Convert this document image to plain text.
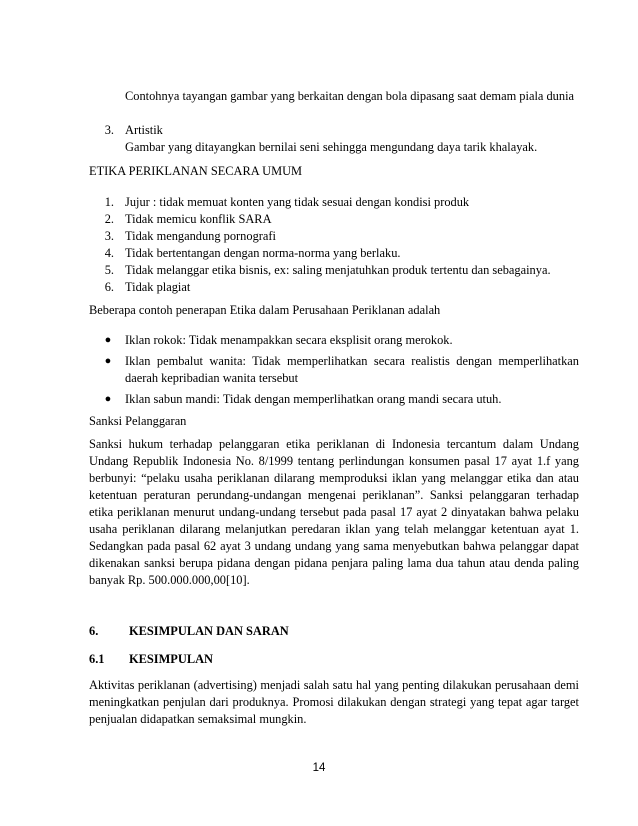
Contohnya tayangan gambar yang berkaitan dengan bola dipasang saat demam piala dunia
3. Artistik
Gambar yang ditayangkan bernilai seni sehingga mengundang daya tarik khalayak.
ETIKA PERIKLANAN SECARA UMUM
1. Jujur : tidak memuat konten yang tidak sesuai dengan kondisi produk
2. Tidak memicu konflik SARA
3. Tidak mengandung pornografi
4. Tidak bertentangan dengan norma-norma yang berlaku.
5. Tidak melanggar etika bisnis, ex: saling menjatuhkan produk tertentu dan sebagainya.
6. Tidak plagiat
Beberapa contoh penerapan Etika dalam Perusahaan Periklanan adalah
● Iklan rokok: Tidak menampakkan secara eksplisit orang merokok.
● Iklan pembalut wanita: Tidak memperlihatkan secara realistis dengan memperlihatkan daerah kepribadian wanita tersebut
● Iklan sabun mandi: Tidak dengan memperlihatkan orang mandi secara utuh.
Sanksi Pelanggaran
Sanksi hukum terhadap pelanggaran etika periklanan di Indonesia tercantum dalam Undang Undang Republik Indonesia No. 8/1999 tentang perlindungan konsumen pasal 17 ayat 1.f yang berbunyi: “pelaku usaha periklanan dilarang memproduksi iklan yang melanggar etika dan atau ketentuan peraturan perundang-undangan mengenai periklanan”. Sanksi pelanggaran terhadap etika periklanan menurut undang-undang tersebut pada pasal 17 ayat 2 dinyatakan bahwa pelaku usaha periklanan dilarang melanjutkan peredaran iklan yang telah melanggar ketentuan ayat 1. Sedangkan pada pasal 62 ayat 3 undang undang yang sama menyebutkan bahwa pelanggar dapat dikenakan sanksi berupa pidana dengan pidana penjara paling lama dua tahun atau denda paling banyak Rp. 500.000.000,00[10].
6. KESIMPULAN DAN SARAN
6.1 KESIMPULAN
Aktivitas periklanan (advertising) menjadi salah satu hal yang penting dilakukan perusahaan demi meningkatkan penjulan dari produknya. Promosi dilakukan dengan strategi yang tepat agar target penjualan didapatkan semaksimal mungkin.
14
